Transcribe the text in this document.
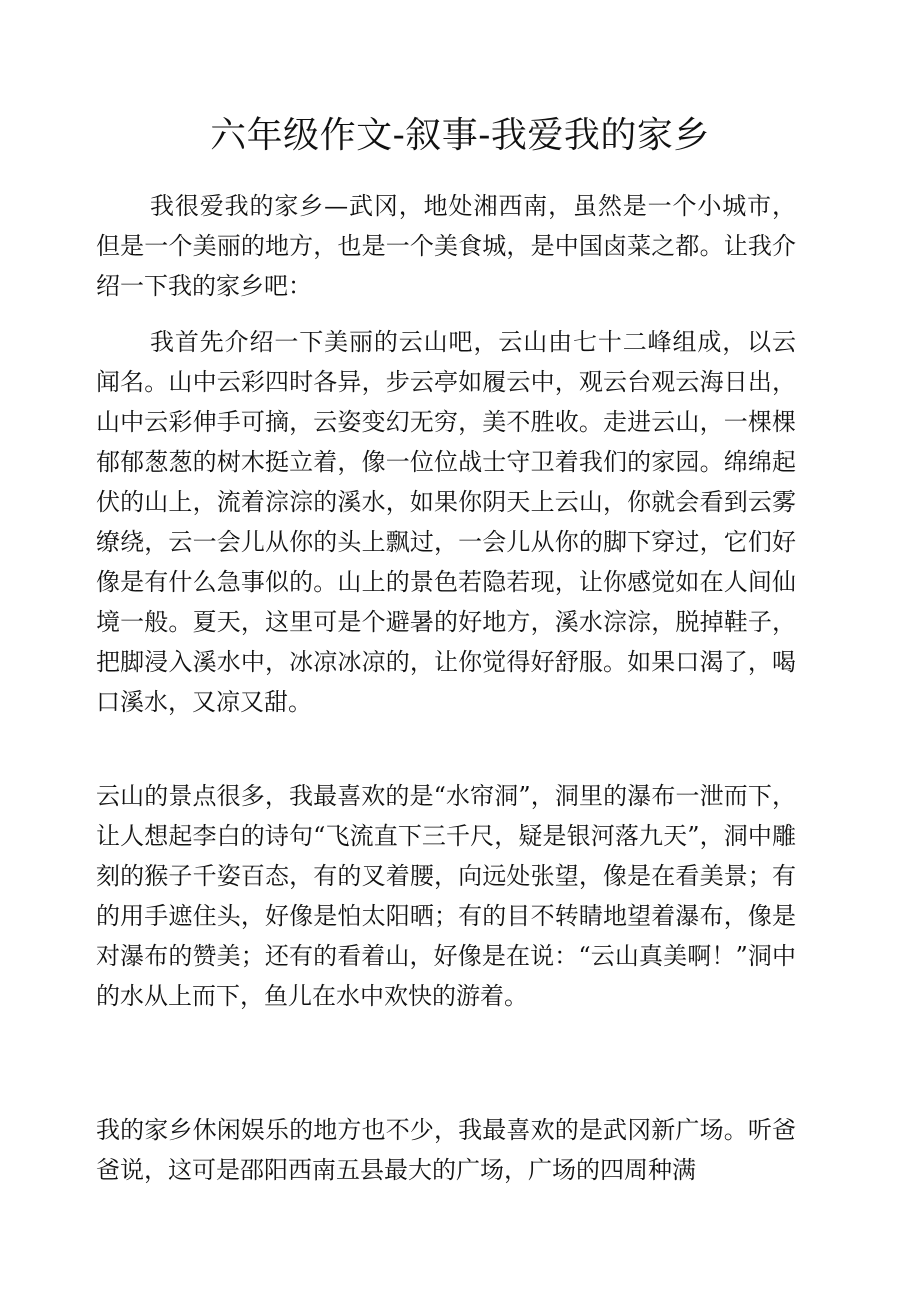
六年级作文-叙事-我爱我的家乡

我很爱我的家乡—武冈，地处湘西南，虽然是一个小城市，但是一个美丽的地方，也是一个美食城，是中国卤菜之都。让我介绍一下我的家乡吧：

我首先介绍一下美丽的云山吧，云山由七十二峰组成，以云闻名。山中云彩四时各异，步云亭如履云中，观云台观云海日出，山中云彩伸手可摘，云姿变幻无穷，美不胜收。走进云山，一棵棵郁郁葱葱的树木挺立着，像一位位战士守卫着我们的家园。绵绵起伏的山上，流着淙淙的溪水，如果你阴天上云山，你就会看到云雾缭绕，云一会儿从你的头上飘过，一会儿从你的脚下穿过，它们好像是有什么急事似的。山上的景色若隐若现，让你感觉如在人间仙境一般。夏天，这里可是个避暑的好地方，溪水淙淙，脱掉鞋子，把脚浸入溪水中，冰凉冰凉的，让你觉得好舒服。如果口渴了，喝口溪水，又凉又甜。

云山的景点很多，我最喜欢的是“水帘洞”，洞里的瀑布一泄而下，让人想起李白的诗句“飞流直下三千尺，疑是银河落九天”，洞中雕刻的猴子千姿百态，有的叉着腰，向远处张望，像是在看美景；有的用手遮住头，好像是怕太阳晒；有的目不转睛地望着瀑布，像是对瀑布的赞美；还有的看着山，好像是在说：“云山真美啊！”洞中的水从上而下，鱼儿在水中欢快的游着。

我的家乡休闲娱乐的地方也不少，我最喜欢的是武冈新广场。听爸爸说，这可是邵阳西南五县最大的广场，广场的四周种满
